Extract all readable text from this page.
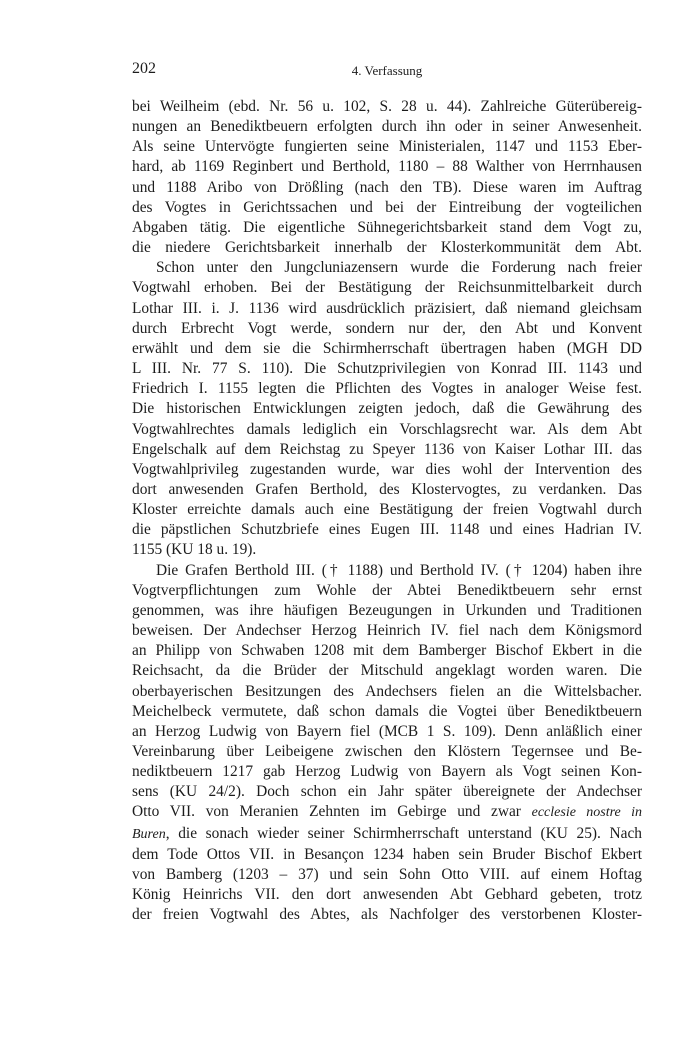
202	4. Verfassung
bei Weilheim (ebd. Nr. 56 u. 102, S. 28 u. 44). Zahlreiche Güterübereig-
nungen an Benediktbeuern erfolgten durch ihn oder in seiner Anwesenheit.
Als seine Untervögte fungierten seine Ministerialen, 1147 und 1153 Eber-
hard, ab 1169 Reginbert und Berthold, 1180 – 88 Walther von Herrnhausen
und 1188 Aribo von Drößling (nach den TB). Diese waren im Auftrag
des Vogtes in Gerichtssachen und bei der Eintreibung der vogteilichen
Abgaben tätig. Die eigentliche Sühnegerichtsbarkeit stand dem Vogt zu,
die niedere Gerichtsbarkeit innerhalb der Klosterkommunität dem Abt.
Schon unter den Jungcluniazensern wurde die Forderung nach freier
Vogtwahl erhoben. Bei der Bestätigung der Reichsunmittelbarkeit durch
Lothar III. i. J. 1136 wird ausdrücklich präzisiert, daß niemand gleichsam
durch Erbrecht Vogt werde, sondern nur der, den Abt und Konvent
erwählt und dem sie die Schirmherrschaft übertragen haben (MGH DD
L III. Nr. 77 S. 110). Die Schutzprivilegien von Konrad III. 1143 und
Friedrich I. 1155 legten die Pflichten des Vogtes in analoger Weise fest.
Die historischen Entwicklungen zeigten jedoch, daß die Gewährung des
Vogtwahlrechtes damals lediglich ein Vorschlagsrecht war. Als dem Abt
Engelschalk auf dem Reichstag zu Speyer 1136 von Kaiser Lothar III. das
Vogtwahlprivileg zugestanden wurde, war dies wohl der Intervention des
dort anwesenden Grafen Berthold, des Klostervogtes, zu verdanken. Das
Kloster erreichte damals auch eine Bestätigung der freien Vogtwahl durch
die päpstlichen Schutzbriefe eines Eugen III. 1148 und eines Hadrian IV.
1155 (KU 18 u. 19).
Die Grafen Berthold III. († 1188) und Berthold IV. († 1204) haben ihre
Vogtverpflichtungen zum Wohle der Abtei Benediktbeuern sehr ernst
genommen, was ihre häufigen Bezeugungen in Urkunden und Traditionen
beweisen. Der Andechser Herzog Heinrich IV. fiel nach dem Königsmord
an Philipp von Schwaben 1208 mit dem Bamberger Bischof Ekbert in die
Reichsacht, da die Brüder der Mitschuld angeklagt worden waren. Die
oberbayerischen Besitzungen des Andechsers fielen an die Wittelsbacher.
Meichelbeck vermutete, daß schon damals die Vogtei über Benediktbeuern
an Herzog Ludwig von Bayern fiel (MCB 1 S. 109). Denn anläßlich einer
Vereinbarung über Leibeigene zwischen den Klöstern Tegernsee und Be-
nediktbeuern 1217 gab Herzog Ludwig von Bayern als Vogt seinen Kon-
sens (KU 24/2). Doch schon ein Jahr später übereignete der Andechser
Otto VII. von Meranien Zehnten im Gebirge und zwar ecclesie nostre in
Buren, die sonach wieder seiner Schirmherrschaft unterstand (KU 25). Nach
dem Tode Ottos VII. in Besançon 1234 haben sein Bruder Bischof Ekbert
von Bamberg (1203 – 37) und sein Sohn Otto VIII. auf einem Hoftag
König Heinrichs VII. den dort anwesenden Abt Gebhard gebeten, trotz
der freien Vogtwahl des Abtes, als Nachfolger des verstorbenen Kloster-
